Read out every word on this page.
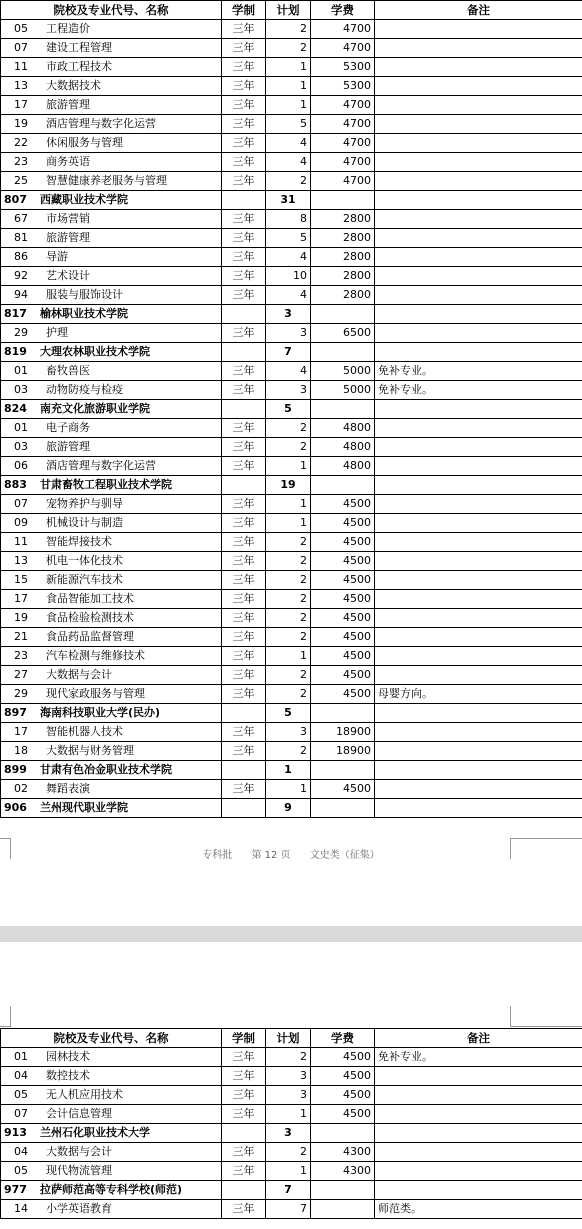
院校及专业代号、名称	学制	计划	学费	备注
05 工程造价	三年	2	4700	
07 建设工程管理	三年	2	4700	
11 市政工程技术	三年	1	5300	
13 大数据技术	三年	1	5300	
17 旅游管理	三年	1	4700	
19 酒店管理与数字化运营	三年	5	4700	
22 休闲服务与管理	三年	4	4700	
23 商务英语	三年	4	4700	
25 智慧健康养老服务与管理	三年	2	4700	
807 西藏职业技术学院		31		
67 市场营销	三年	8	2800	
81 旅游管理	三年	5	2800	
86 导游	三年	4	2800	
92 艺术设计	三年	10	2800	
94 服装与服饰设计	三年	4	2800	
817 榆林职业技术学院		3		
29 护理	三年	3	6500	
819 大理农林职业技术学院		7		
01 畜牧兽医	三年	4	5000	免补专业。
03 动物防疫与检疫	三年	3	5000	免补专业。
824 南充文化旅游职业学院		5		
01 电子商务	三年	2	4800	
03 旅游管理	三年	2	4800	
06 酒店管理与数字化运营	三年	1	4800	
883 甘肃畜牧工程职业技术学院		19		
07 宠物养护与驯导	三年	1	4500	
09 机械设计与制造	三年	1	4500	
11 智能焊接技术	三年	2	4500	
13 机电一体化技术	三年	2	4500	
15 新能源汽车技术	三年	2	4500	
17 食品智能加工技术	三年	2	4500	
19 食品检验检测技术	三年	2	4500	
21 食品药品监督管理	三年	2	4500	
23 汽车检测与维修技术	三年	1	4500	
27 大数据与会计	三年	2	4500	
29 现代家政服务与管理	三年	2	4500	母婴方向。
897 海南科技职业大学(民办)		5		
17 智能机器人技术	三年	3	18900	
18 大数据与财务管理	三年	2	18900	
899 甘肃有色冶金职业技术学院		1		
02 舞蹈表演	三年	1	4500	
906 兰州现代职业学院		9		
专科批 第 12 页 文史类（征集）
院校及专业代号、名称	学制	计划	学费	备注
01 园林技术	三年	2	4500	免补专业。
04 数控技术	三年	3	4500	
05 无人机应用技术	三年	3	4500	
07 会计信息管理	三年	1	4500	
913 兰州石化职业技术大学		3		
04 大数据与会计	三年	2	4300	
05 现代物流管理	三年	1	4300	
977 拉萨师范高等专科学校(师范)		7		
14 小学英语教育	三年	7		师范类。
